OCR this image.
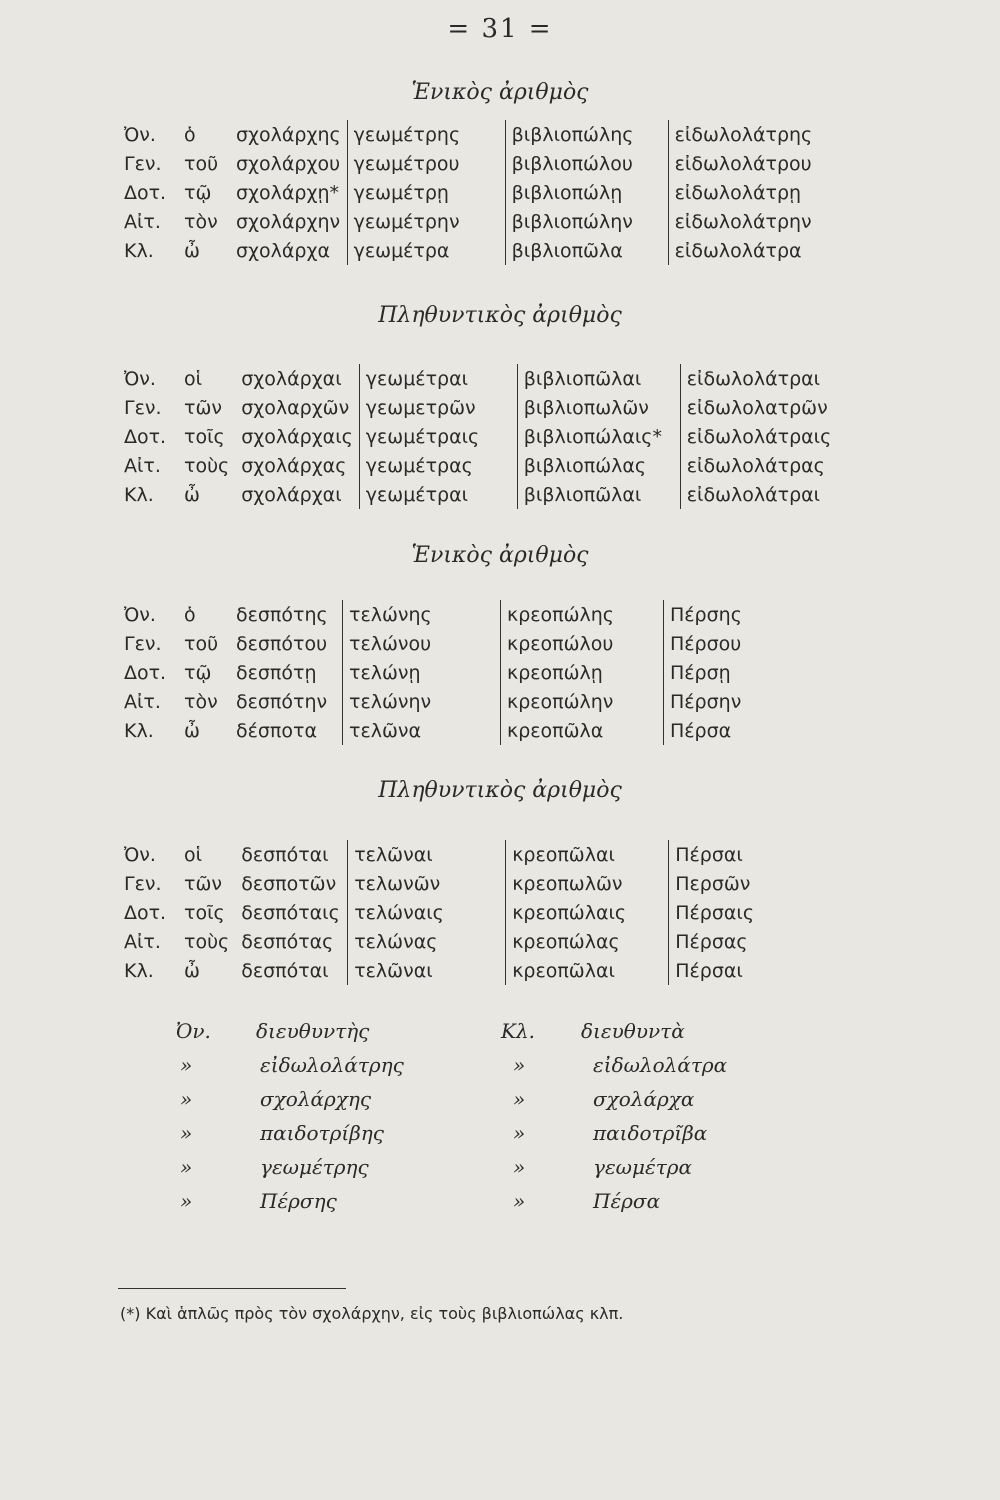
= 31 =
Ἑνικὸς ἀριθμὸς
Ὀν.	ὁ	σχολάρχης	γεωμέτρης	βιβλιοπώλης	εἰδωλολάτρης
Γεν.	τοῦ	σχολάρχου	γεωμέτρου	βιβλιοπώλου	εἰδωλολάτρου
Δοτ.	τῷ	σχολάρχῃ*	γεωμέτρῃ	βιβλιοπώλῃ	εἰδωλολάτρῃ
Αἰτ.	τὸν	σχολάρχην	γεωμέτρην	βιβλιοπώλην	εἰδωλολάτρην
Κλ.	ὦ	σχολάρχα	γεωμέτρα	βιβλιοπῶλα	εἰδωλολάτρα
Πληθυντικὸς ἀριθμὸς
Ὀν.	οἱ	σχολάρχαι	γεωμέτραι	βιβλιοπῶλαι	εἰδωλολάτραι
Γεν.	τῶν	σχολαρχῶν	γεωμετρῶν	βιβλιοπωλῶν	εἰδωλολατρῶν
Δοτ.	τοῖς	σχολάρχαις	γεωμέτραις	βιβλιοπώλαις*	εἰδωλολάτραις
Αἰτ.	τοὺς	σχολάρχας	γεωμέτρας	βιβλιοπώλας	εἰδωλολάτρας
Κλ.	ὦ	σχολάρχαι	γεωμέτραι	βιβλιοπῶλαι	εἰδωλολάτραι
Ἑνικὸς ἀριθμὸς
Ὀν.	ὁ	δεσπότης	τελώνης	κρεοπώλης	Πέρσης
Γεν.	τοῦ	δεσπότου	τελώνου	κρεοπώλου	Πέρσου
Δοτ.	τῷ	δεσπότῃ	τελώνῃ	κρεοπώλῃ	Πέρσῃ
Αἰτ.	τὸν	δεσπότην	τελώνην	κρεοπώλην	Πέρσην
Κλ.	ὦ	δέσποτα	τελῶνα	κρεοπῶλα	Πέρσα
Πληθυντικὸς ἀριθμὸς
Ὀν.	οἱ	δεσπόται	τελῶναι	κρεοπῶλαι	Πέρσαι
Γεν.	τῶν	δεσποτῶν	τελωνῶν	κρεοπωλῶν	Περσῶν
Δοτ.	τοῖς	δεσπόταις	τελώναις	κρεοπώλαις	Πέρσαις
Αἰτ.	τοὺς	δεσπότας	τελώνας	κρεοπώλας	Πέρσας
Κλ.	ὦ	δεσπόται	τελῶναι	κρεοπῶλαι	Πέρσαι
Ὀν.	διευθυντὴς	Κλ.	διευθυντὰ
»	εἰδωλολάτρης	»	εἰδωλολάτρα
»	σχολάρχης	»	σχολάρχα
»	παιδοτρίβης	»	παιδοτρῖβα
»	γεωμέτρης	»	γεωμέτρα
»	Πέρσης	»	Πέρσα
(*) Καὶ ἁπλῶς πρὸς τὸν σχολάρχην, εἰς τοὺς βιβλιοπώλας κλπ.
